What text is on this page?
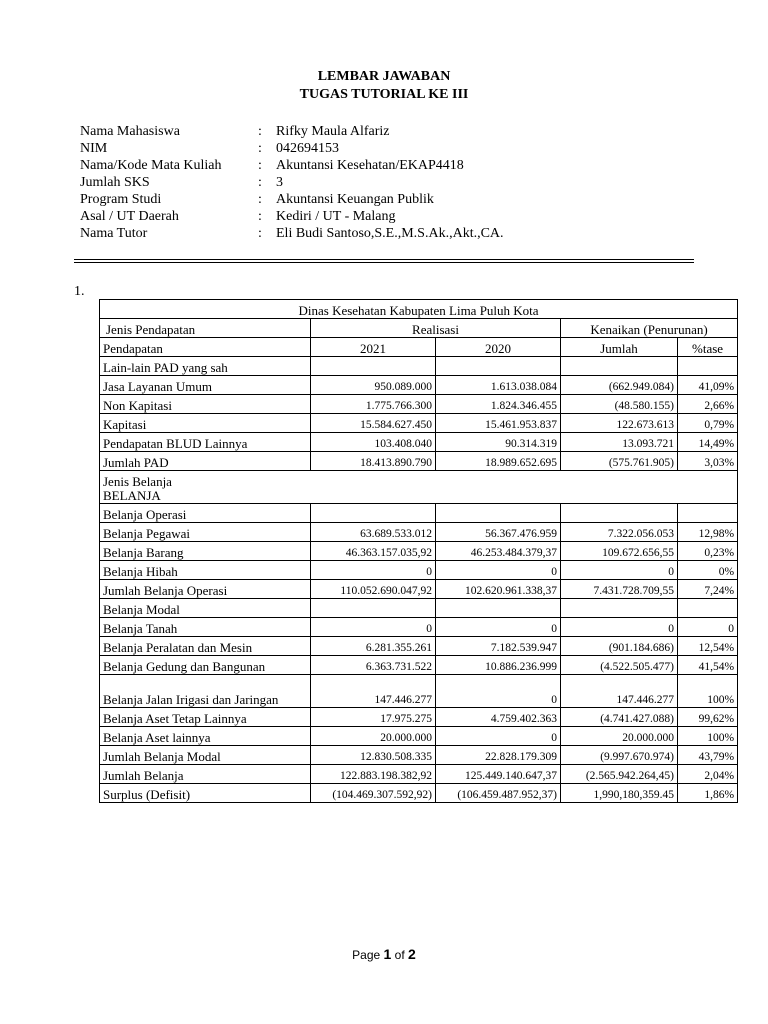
LEMBAR JAWABAN
TUGAS TUTORIAL KE III
Nama Mahasiswa	:	Rifky Maula Alfariz
NIM	:	042694153
Nama/Kode Mata Kuliah	:	Akuntansi Kesehatan/EKAP4418
Jumlah SKS	:	3
Program Studi	:	Akuntansi Keuangan Publik
Asal / UT Daerah	:	Kediri / UT - Malang
Nama Tutor	:	Eli Budi Santoso,S.E.,M.S.Ak.,Akt.,CA.
1.
Dinas Kesehatan Kabupaten Lima Puluh Kota				
Jenis Pendapatan	Realisasi		Kenaikan (Penurunan)	
Pendapatan	2021	2020	Jumlah	%tase
Lain-lain PAD yang sah				
Jasa Layanan Umum	950.089.000	1.613.038.084	(662.949.084)	41,09%
Non Kapitasi	1.775.766.300	1.824.346.455	(48.580.155)	2,66%
Kapitasi	15.584.627.450	15.461.953.837	122.673.613	0,79%
Pendapatan BLUD Lainnya	103.408.040	90.314.319	13.093.721	14,49%
Jumlah PAD	18.413.890.790	18.989.652.695	(575.761.905)	3,03%

Jenis Belanja
BELANJA				

Belanja Operasi				
Belanja Pegawai	63.689.533.012	56.367.476.959	7.322.056.053	12,98%
Belanja Barang	46.363.157.035,92	46.253.484.379,37	109.672.656,55	0,23%
Belanja Hibah	0	0	0	0%
Jumlah Belanja Operasi	110.052.690.047,92	102.620.961.338,37	7.431.728.709,55	7,24%
Belanja Modal				
Belanja Tanah	0	0	0	0
Belanja Peralatan dan Mesin	6.281.355.261	7.182.539.947	(901.184.686)	12,54%
Belanja Gedung dan Bangunan	6.363.731.522	10.886.236.999	(4.522.505.477)	41,54%
Belanja Jalan Irigasi dan Jaringan	147.446.277	0	147.446.277	100%
Belanja Aset Tetap Lainnya	17.975.275	4.759.402.363	(4.741.427.088)	99,62%
Belanja Aset lainnya	20.000.000	0	20.000.000	100%
Jumlah Belanja Modal	12.830.508.335	22.828.179.309	(9.997.670.974)	43,79%
Jumlah Belanja	122.883.198.382,92	125.449.140.647,37	(2.565.942.264,45)	2,04%
Surplus (Defisit)	(104.469.307.592,92)	(106.459.487.952,37)	1,990,180,359.45	1,86%
Page 1 of 2
